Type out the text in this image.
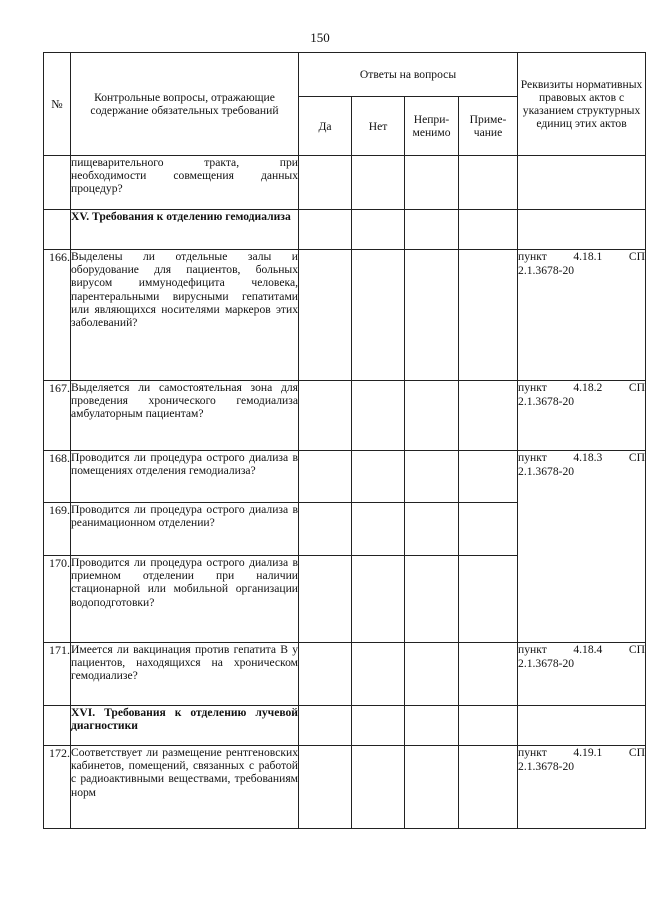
150
№	Контрольные вопросы, отражающие содержание обязательных требований	Ответы на вопросы				Реквизиты нормативных правовых актов с указанием структурных единиц этих актов
		Да	Нет	Непри-менимо	Приме-чание	
	пищеварительного тракта, при необходимости совмещения данных процедур?					
	XV. Требования к отделению гемодиализа					
166.	Выделены ли отдельные залы и оборудование для пациентов, больных вирусом иммунодефицита человека, парентеральными вирусными гепатитами или являющихся носителями маркеров этих заболеваний?					пункт 4.18.1 СП
2.1.3678-20

167.	Выделяется ли самостоятельная зона для проведения хронического гемодиализа амбулаторным пациентам?					пункт 4.18.2 СП
2.1.3678-20

168.	Проводится ли процедура острого диализа в помещениях отделения гемодиализа?					пункт 4.18.3 СП
2.1.3678-20

169.	Проводится ли процедура острого диализа в реанимационном отделении?					
170.	Проводится ли процедура острого диализа в приемном отделении при наличии стационарной или мобильной организации водоподготовки?					
171.	Имеется ли вакцинация против гепатита В у пациентов, находящихся на хроническом гемодиализе?					пункт 4.18.4 СП
2.1.3678-20

	XVI. Требования к отделению лучевой диагностики					
172.	Соответствует ли размещение рентгеновских кабинетов, помещений, связанных с работой с радиоактивными веществами, требованиям норм					пункт 4.19.1 СП
2.1.3678-20
